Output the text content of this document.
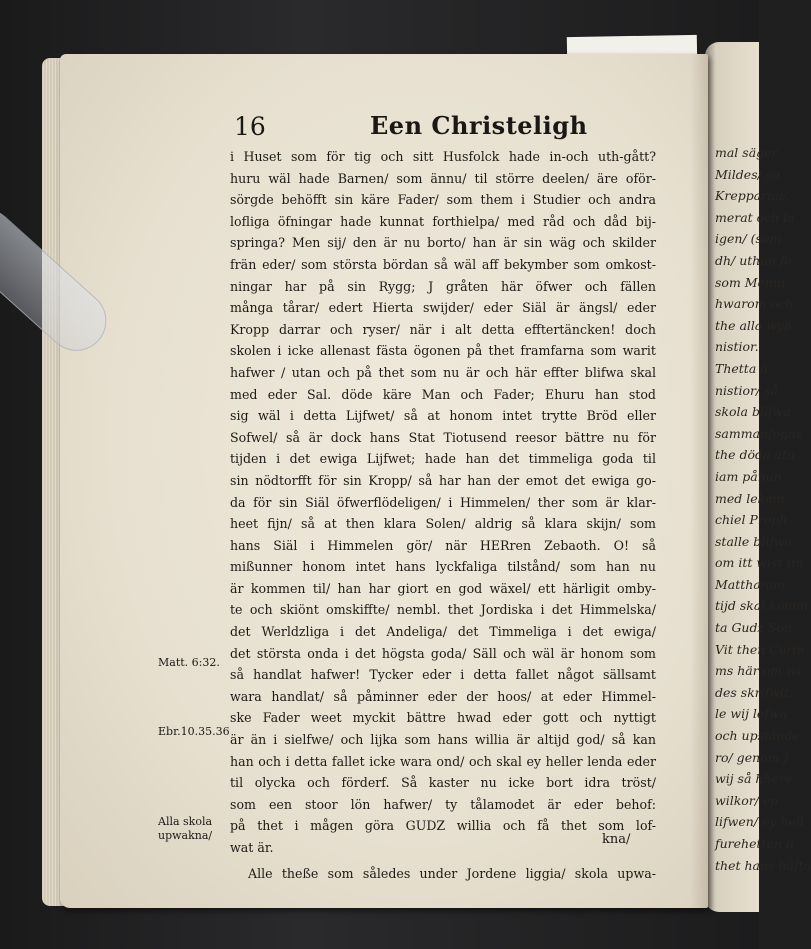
mal säger
Mildes/ so
Krepparna/
merat och la
igen/ (som
dh/ uthan fe
som Menni
hwarom och
the alla wyß
nistior.
Thetta ä
nistior/ så
skola blifwa
sammanfogas
the döda atu
iam påmin
med lekam
chiel Proph
stalle blifwa
om itt wist tin
Matthæum,
tijd skal komm
ta Gudz Son
Vit then Corin
ms här om wi
des skrifwit:
le wij lefwa
och upstånde
ro/ genom J
wij så hhere
wilkor/ en
lifwen/ ey hell
furehetten li
thet hans häfta
16	Een Christeligh
i Huset som för tig och sitt Husfolck hade in-och uth-gått?
huru wäl hade Barnen/ som ännu/ til större deelen/ äre oför-
sörgde behöfft sin käre Fader/ som them i Studier och andra
lofliga öfningar hade kunnat forthielpa/ med råd och dåd bij-
springa? Men sij/ den är nu borto/ han är sin wäg och skilder
frän eder/ som största bördan så wäl aff bekymber som omkost-
ningar har på sin Rygg; J gråten här öfwer och fällen
många tårar/ edert Hierta swijder/ eder Siäl är ängsl/ eder
Kropp darrar och ryser/ när i alt detta efftertäncken! doch
skolen i icke allenast fästa ögonen på thet framfarna som warit
hafwer / utan och på thet som nu är och här effter blifwa skal
med eder Sal. döde käre Man och Fader; Ehuru han stod
sig wäl i detta Lijfwet/ så at honom intet trytte Bröd eller
Sofwel/ så är dock hans Stat Tiotusend reesor bättre nu för
tijden i det ewiga Lijfwet; hade han det timmeliga goda til
sin nödtorfft för sin Kropp/ så har han der emot det ewiga go-
da för sin Siäl öfwerflödeligen/ i Himmelen/ ther som är klar-
heet fijn/ så at then klara Solen/ aldrig så klara skijn/ som
hans Siäl i Himmelen gör/ när HERren Zebaoth. O! så
mißunner honom intet hans lyckfaliga tilstånd/ som han nu
är kommen til/ han har giort en god wäxel/ ett härligit omby-
te och skiönt omskiffte/ nembl. thet Jordiska i det Himmelska/
det Werldzliga i det Andeliga/ det Timmeliga i det ewiga/
det största onda i det högsta goda/ Säll och wäl är honom som
så handlat hafwer! Tycker eder i detta fallet något sällsamt
wara handlat/ så påminner eder der hoos/ at eder Himmel-
ske Fader weet myckit bättre hwad eder gott och nyttigt
är än i sielfwe/ och lijka som hans willia är altijd god/ så kan
han och i detta fallet icke wara ond/ och skal ey heller lenda eder
til olycka och förderf. Så kaster nu icke bort idra tröst/
som een stoor lön hafwer/ ty tålamodet är eder behof:
på thet i mågen göra GUDZ willia och få thet som lof-
wat är.
Alle theße som således under Jordene liggia/ skola upwa-
kna/
Matt. 6:32.
Ebr.10.35.36
Alla skola
upwakna/
